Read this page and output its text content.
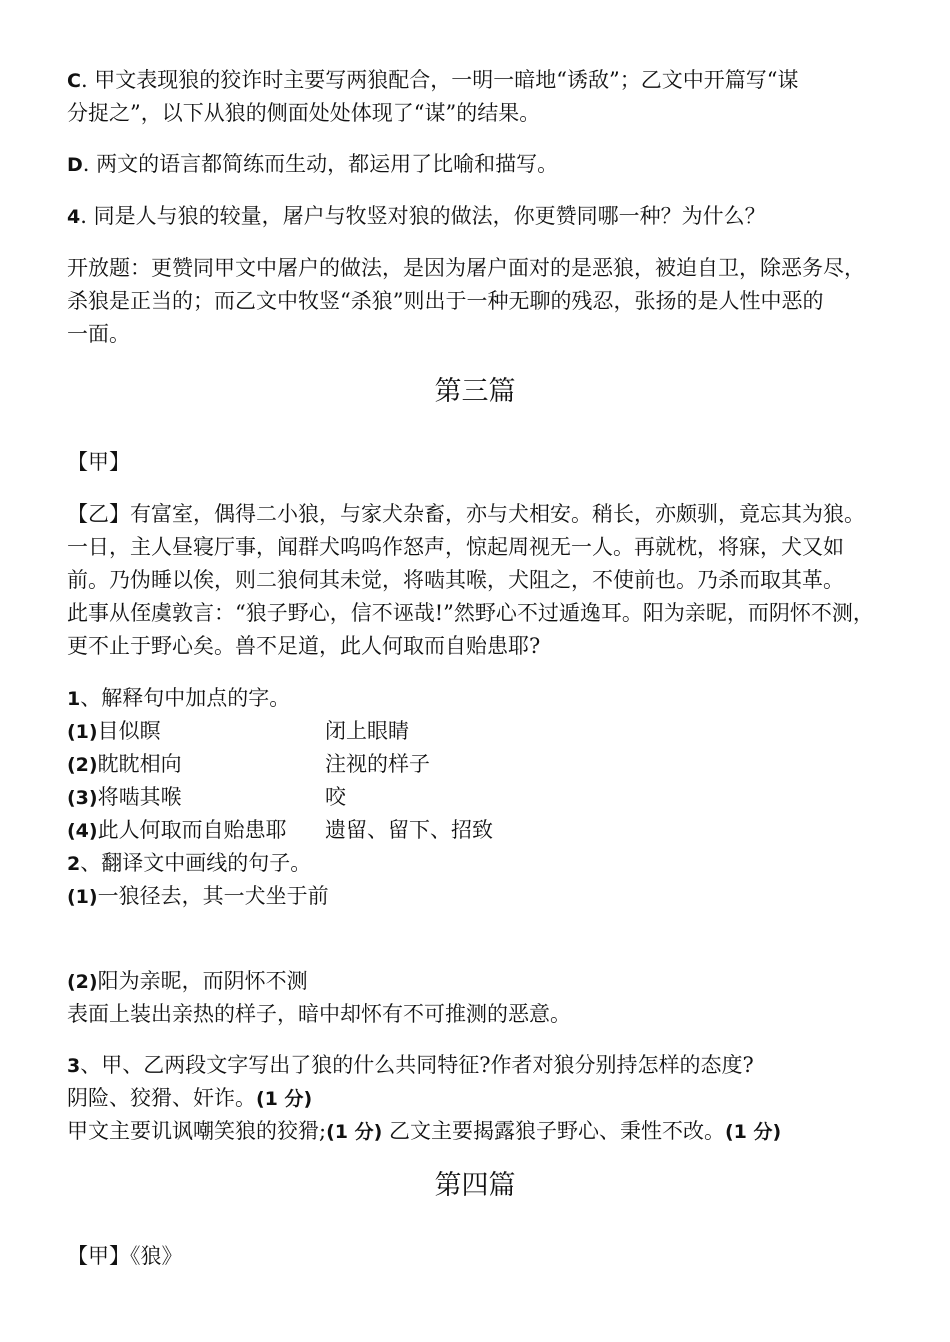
C. 甲文表现狼的狡诈时主要写两狼配合，一明一暗地“诱敌”；乙文中开篇写“谋
分捉之”，以下从狼的侧面处处体现了“谋”的结果。
D. 两文的语言都简练而生动，都运用了比喻和描写。
4. 同是人与狼的较量，屠户与牧竖对狼的做法，你更赞同哪一种？为什么？
开放题：更赞同甲文中屠户的做法，是因为屠户面对的是恶狼，被迫自卫，除恶务尽，
杀狼是正当的；而乙文中牧竖“杀狼”则出于一种无聊的残忍，张扬的是人性中恶的
一面。
第三篇
【甲】
【乙】有富室，偶得二小狼，与家犬杂畜，亦与犬相安。稍长，亦颇驯，竟忘其为狼。
一日，主人昼寝厅事，闻群犬呜呜作怒声，惊起周视无一人。再就枕，将寐，犬又如
前。乃伪睡以俟，则二狼伺其未觉，将啮其喉，犬阻之，不使前也。乃杀而取其革。
此事从侄虞敦言：“狼子野心，信不诬哉!”然野心不过遁逸耳。阳为亲昵，而阴怀不测，
更不止于野心矣。兽不足道，此人何取而自贻患耶?
1、解释句中加点的字。
(1)目似瞑	闭上眼睛
(2)眈眈相向	注视的样子
(3)将啮其喉	咬
(4)此人何取而自贻患耶	遗留、留下、招致
2、翻译文中画线的句子。
(1)一狼径去，其一犬坐于前
(2)阳为亲昵，而阴怀不测
表面上装出亲热的样子，暗中却怀有不可推测的恶意。
3、甲、乙两段文字写出了狼的什么共同特征?作者对狼分别持怎样的态度?
阴险、狡猾、奸诈。(1 分)
甲文主要讥讽嘲笑狼的狡猾;(1 分) 乙文主要揭露狼子野心、秉性不改。(1 分)
第四篇
【甲】《狼》
